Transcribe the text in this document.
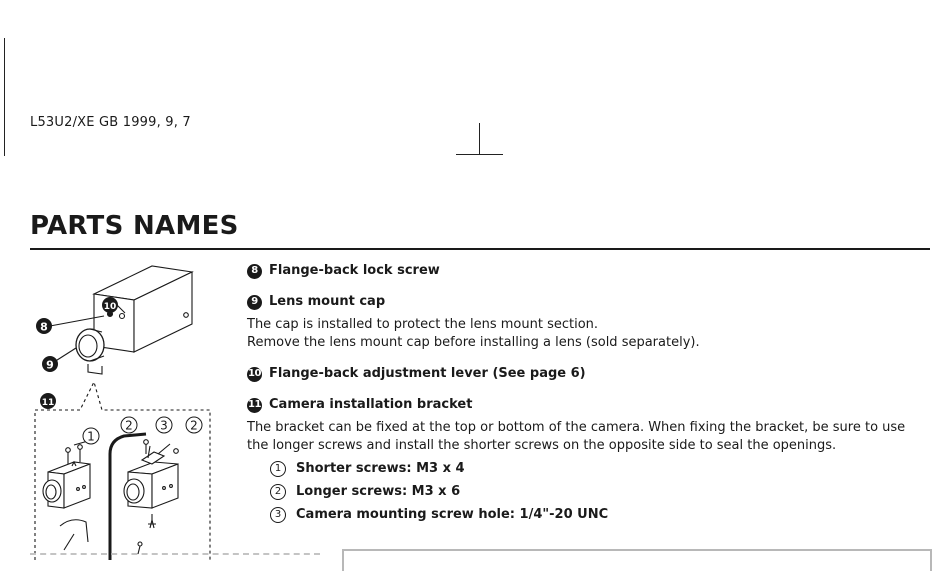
L53U2/XE GB 1999, 9, 7
PARTS NAMES
8
10
9
11
1
2 3 2
8 Flange-back lock screw
9 Lens mount cap
The cap is installed to protect the lens mount section.
Remove the lens mount cap before installing a lens (sold separately).
10 Flange-back adjustment lever (See page 6)
11 Camera installation bracket
The bracket can be fixed at the top or bottom of the camera. When fixing the bracket, be sure to use the longer screws and install the shorter screws on the opposite side to seal the openings.
1	Shorter screws: M3 x 4
2	Longer screws: M3 x 6
3	Camera mounting screw hole: 1/4"-20 UNC
